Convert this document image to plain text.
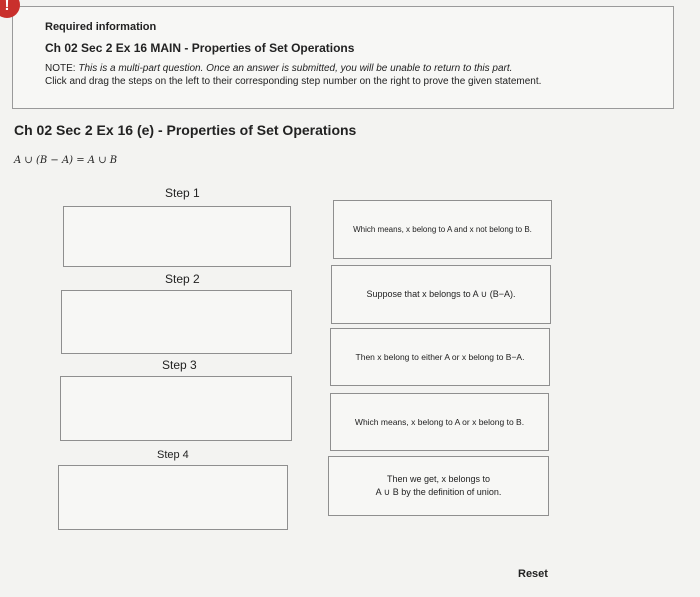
Required information
Ch 02 Sec 2 Ex 16 MAIN - Properties of Set Operations
NOTE: This is a multi-part question. Once an answer is submitted, you will be unable to return to this part.
Click and drag the steps on the left to their corresponding step number on the right to prove the given statement.
!
Ch 02 Sec 2 Ex 16 (e) - Properties of Set Operations
A ∪ (B − A) = A ∪ B
Step 1
Step 2
Step 3
Step 4
Which means, x belong to A and x not belong to B.
Suppose that x belongs to A ∪ (B−A).
Then x belong to either A or x belong to B−A.
Which means, x belong to A or x belong to B.
Then we get, x belongs to
A ∪ B by the definition of union.
Reset
